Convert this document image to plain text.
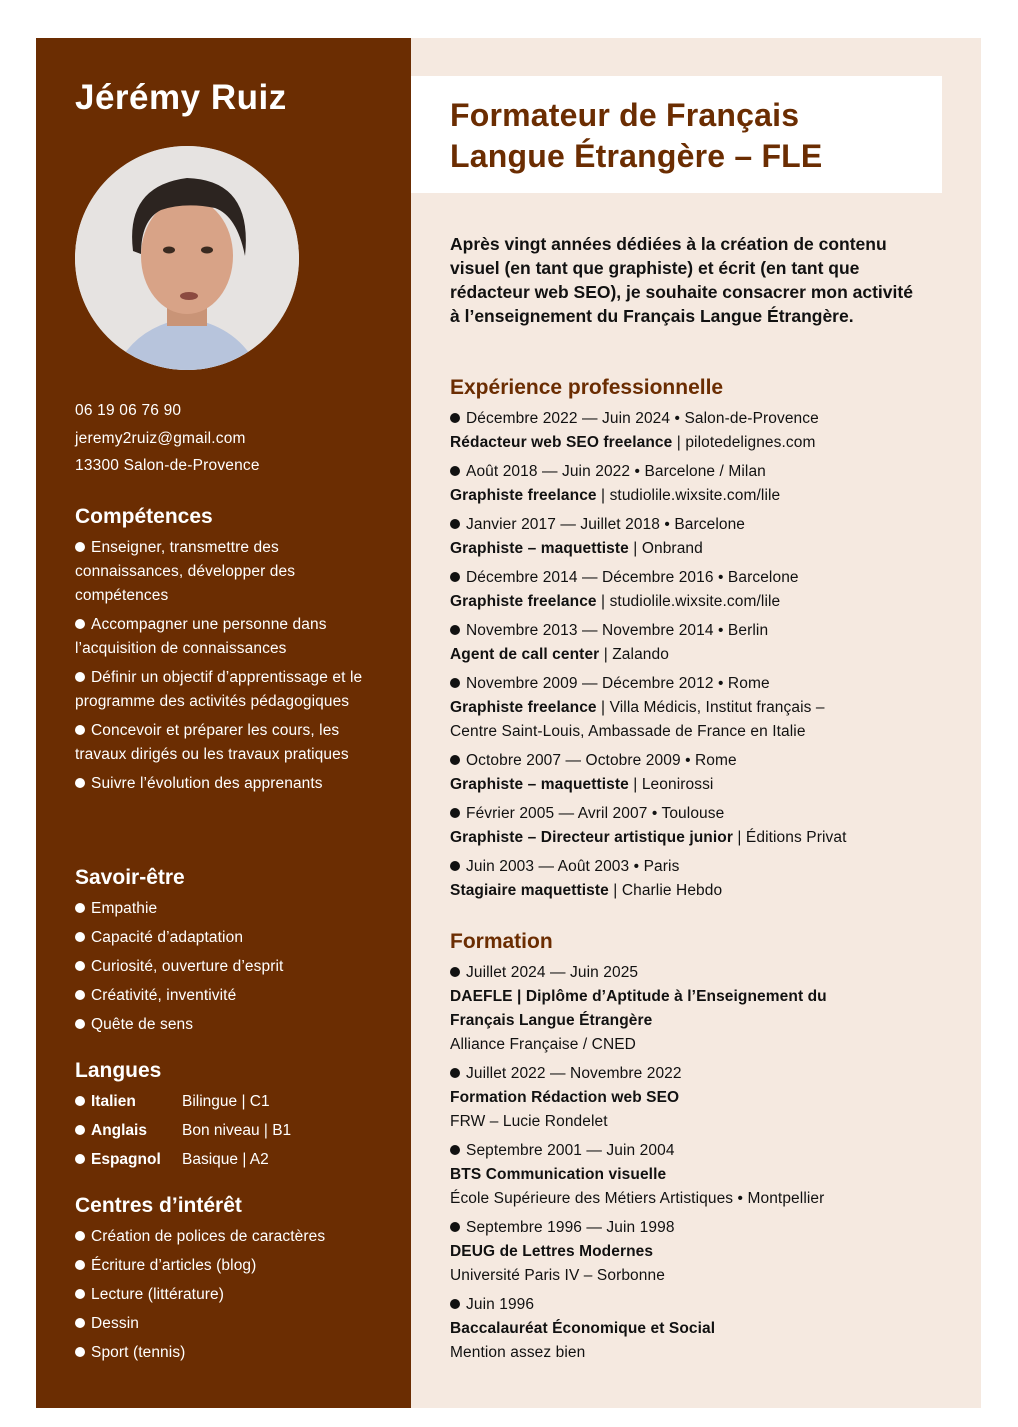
Jérémy Ruiz
06 19 06 76 90
jeremy2ruiz@gmail.com
13300 Salon-de-Provence
Compétences
Enseigner, transmettre des connaissances, développer des compétences
Accompagner une personne dans l’acquisition de connaissances
Définir un objectif d’apprentissage et le programme des activités pédagogiques
Concevoir et préparer les cours, les travaux dirigés ou les travaux pratiques
Suivre l’évolution des apprenants
Savoir-être
Empathie
Capacité d’adaptation
Curiosité, ouverture d’esprit
Créativité, inventivité
Quête de sens
Langues
Italien	Bilingue | C1
Anglais	Bon niveau | B1
Espagnol	Basique | A2
Centres d’intérêt
Création de polices de caractères
Écriture d’articles (blog)
Lecture (littérature)
Dessin
Sport (tennis)
Formateur de Français
Langue Étrangère – FLE

Après vingt années dédiées à la création de contenu visuel (en tant que graphiste) et écrit (en tant que rédacteur web SEO), je souhaite consacrer mon activité à l’enseignement du Français Langue Étrangère.

Expérience professionnelle
Décembre 2022 — Juin 2024 • Salon-de-Provence
Rédacteur web SEO freelance | pilotedelignes.com
Août 2018 — Juin 2022 • Barcelone / Milan
Graphiste freelance | studiolile.wixsite.com/lile
Janvier 2017 — Juillet 2018 • Barcelone
Graphiste – maquettiste | Onbrand
Décembre 2014 — Décembre 2016 • Barcelone
Graphiste freelance | studiolile.wixsite.com/lile
Novembre 2013 — Novembre 2014 • Berlin
Agent de call center | Zalando
Novembre 2009 — Décembre 2012 • Rome
Graphiste freelance | Villa Médicis, Institut français – Centre Saint-Louis, Ambassade de France en Italie
Octobre 2007 — Octobre 2009 • Rome
Graphiste – maquettiste | Leonirossi
Février 2005 — Avril 2007 • Toulouse
Graphiste – Directeur artistique junior | Éditions Privat
Juin 2003 — Août 2003 • Paris
Stagiaire maquettiste | Charlie Hebdo
Formation
Juillet 2024 — Juin 2025
DAEFLE | Diplôme d’Aptitude à l’Enseignement du Français Langue Étrangère
Alliance Française / CNED
Juillet 2022 — Novembre 2022
Formation Rédaction web SEO
FRW – Lucie Rondelet
Septembre 2001 — Juin 2004
BTS Communication visuelle
École Supérieure des Métiers Artistiques • Montpellier
Septembre 1996 — Juin 1998
DEUG de Lettres Modernes
Université Paris IV – Sorbonne
Juin 1996
Baccalauréat Économique et Social
Mention assez bien
